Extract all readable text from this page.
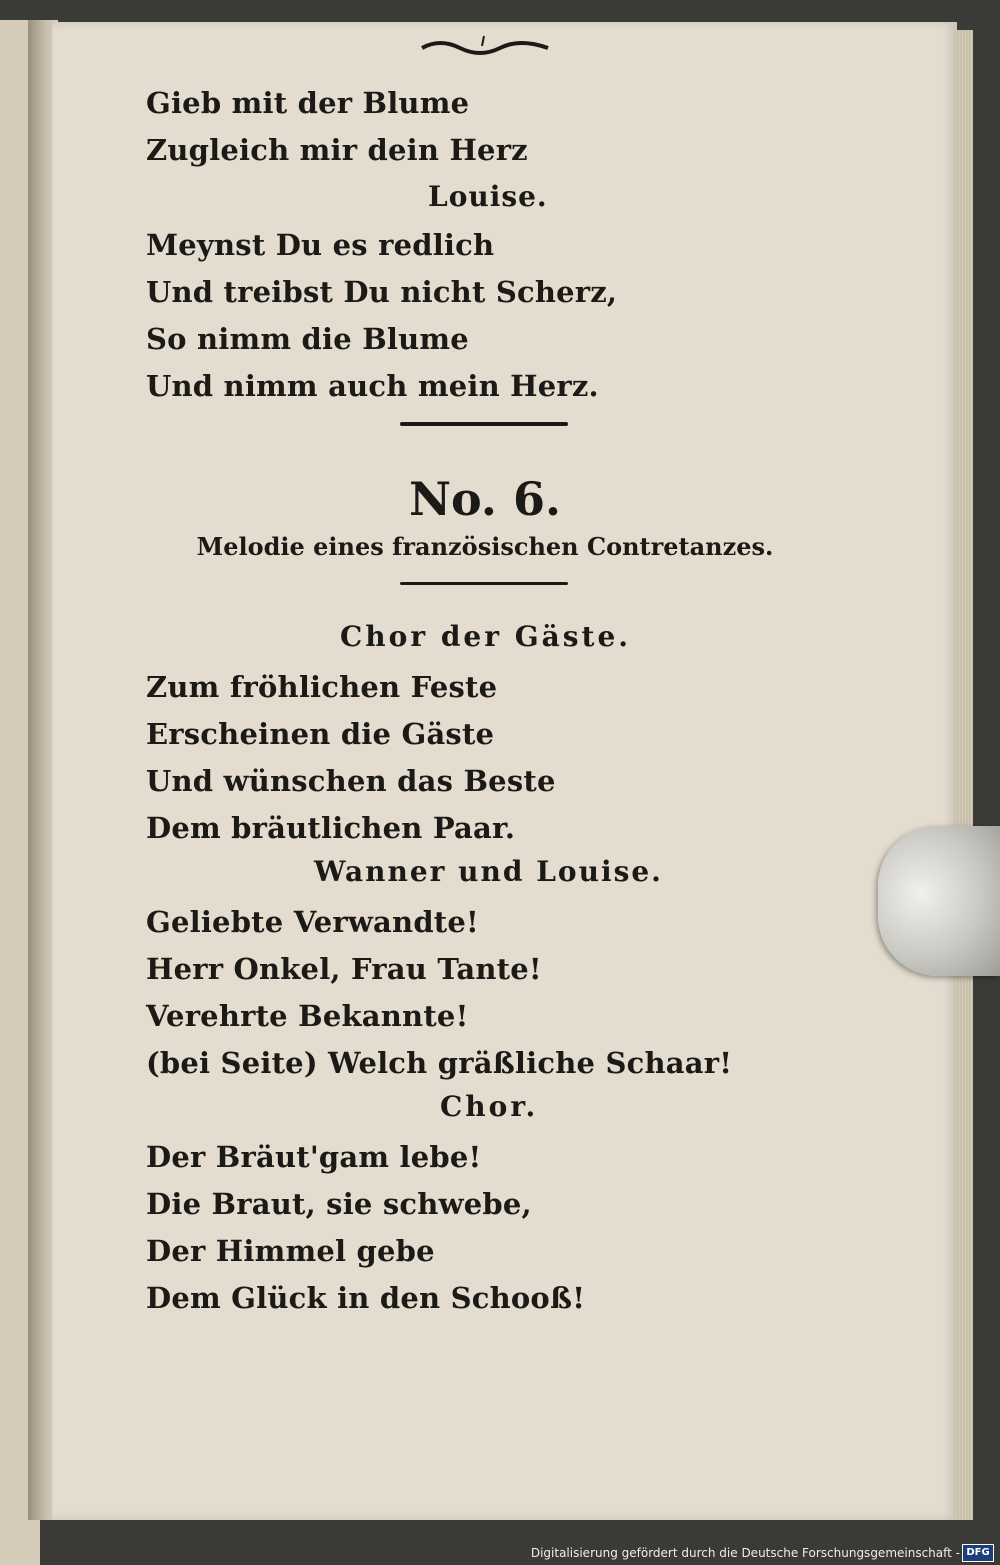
Gieb mit der Blume
Zugleich mir dein Herz
Louise.
Meynst Du es redlich
Und treibst Du nicht Scherz,
So nimm die Blume
Und nimm auch mein Herz.
No. 6.
Melodie eines französischen Contretanzes.
Chor der Gäste.
Zum fröhlichen Feste
Erscheinen die Gäste
Und wünschen das Beste
Dem bräutlichen Paar.
Wanner und Louise.
Geliebte Verwandte!
Herr Onkel, Frau Tante!
Verehrte Bekannte!
(bei Seite) Welch gräßliche Schaar!
Chor.
Der Bräut'gam lebe!
Die Braut, sie schwebe,
Der Himmel gebe
Dem Glück in den Schooß!
Digitalisierung gefördert durch die Deutsche Forschungsgemeinschaft - DFG
